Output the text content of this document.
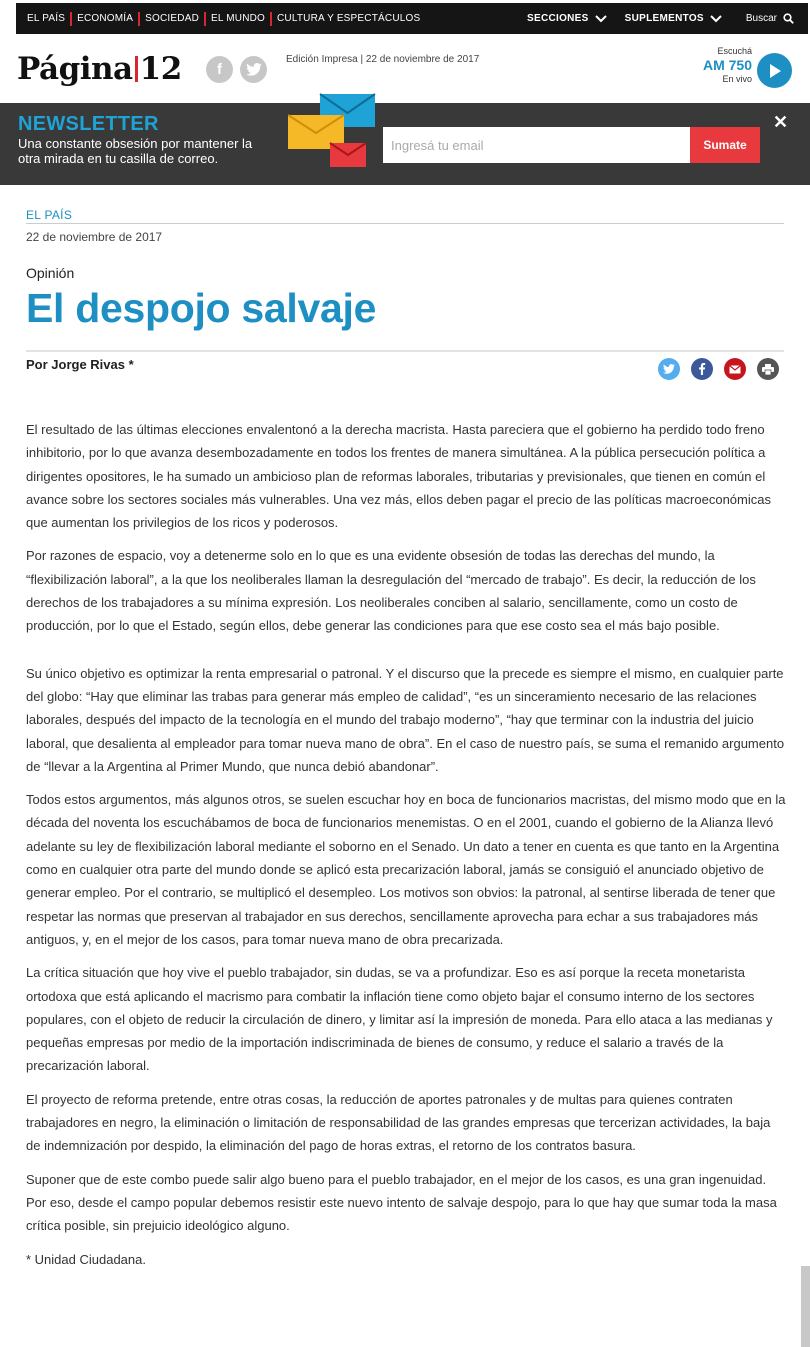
EL PAÍS	ECONOMÍA	SOCIEDAD	EL MUNDO	CULTURA Y ESPECTÁCULOS	SECCIONES	SUPLEMENTOS	Buscar
Página 12 f
Edición Impresa | 22 de noviembre de 2017
Escuchá
AM 750
En vivo
NEWSLETTER
Una constante obsesión por mantener la otra mirada en tu casilla de correo.
Ingresá tu email
Sumate
✕
EL PAÍS
22 de noviembre de 2017
Opinión
El despojo salvaje
Por Jorge Rivas *

El resultado de las últimas elecciones envalentonó a la derecha macrista. Hasta pareciera que el gobierno ha perdido todo freno inhibitorio, por lo que avanza desembozadamente en todos los frentes de manera simultánea. A la pública persecución política a dirigentes opositores, le ha sumado un ambicioso plan de reformas laborales, tributarias y previsionales, que tienen en común el avance sobre los sectores sociales más vulnerables. Una vez más, ellos deben pagar el precio de las políticas macroeconómicas que aumentan los privilegios de los ricos y poderosos.

Por razones de espacio, voy a detenerme solo en lo que es una evidente obsesión de todas las derechas del mundo, la “flexibilización laboral”, a la que los neoliberales llaman la desregulación del “mercado de trabajo”. Es decir, la reducción de los derechos de los trabajadores a su mínima expresión. Los neoliberales conciben al salario, sencillamente, como un costo de producción, por lo que el Estado, según ellos, debe generar las condiciones para que ese costo sea el más bajo posible.

Su único objetivo es optimizar la renta empresarial o patronal. Y el discurso que la precede es siempre el mismo, en cualquier parte del globo: “Hay que eliminar las trabas para generar más empleo de calidad”, “es un sinceramiento necesario de las relaciones laborales, después del impacto de la tecnología en el mundo del trabajo moderno”, “hay que terminar con la industria del juicio laboral, que desalienta al empleador para tomar nueva mano de obra”. En el caso de nuestro país, se suma el remanido argumento de “llevar a la Argentina al Primer Mundo, que nunca debió abandonar”.

Todos estos argumentos, más algunos otros, se suelen escuchar hoy en boca de funcionarios macristas, del mismo modo que en la década del noventa los escuchábamos de boca de funcionarios menemistas. O en el 2001, cuando el gobierno de la Alianza llevó adelante su ley de flexibilización laboral mediante el soborno en el Senado. Un dato a tener en cuenta es que tanto en la Argentina como en cualquier otra parte del mundo donde se aplicó esta precarización laboral, jamás se consiguió el anunciado objetivo de generar empleo. Por el contrario, se multiplicó el desempleo. Los motivos son obvios: la patronal, al sentirse liberada de tener que respetar las normas que preservan al trabajador en sus derechos, sencillamente aprovecha para echar a sus trabajadores más antiguos, y, en el mejor de los casos, para tomar nueva mano de obra precarizada.

La crítica situación que hoy vive el pueblo trabajador, sin dudas, se va a profundizar. Eso es así porque la receta monetarista ortodoxa que está aplicando el macrismo para combatir la inflación tiene como objeto bajar el consumo interno de los sectores populares, con el objeto de reducir la circulación de dinero, y limitar así la impresión de moneda. Para ello ataca a las medianas y pequeñas empresas por medio de la importación indiscriminada de bienes de consumo, y reduce el salario a través de la precarización laboral.

El proyecto de reforma pretende, entre otras cosas, la reducción de aportes patronales y de multas para quienes contraten trabajadores en negro, la eliminación o limitación de responsabilidad de las grandes empresas que tercerizan actividades, la baja de indemnización por despido, la eliminación del pago de horas extras, el retorno de los contratos basura.

Suponer que de este combo puede salir algo bueno para el pueblo trabajador, en el mejor de los casos, es una gran ingenuidad. Por eso, desde el campo popular debemos resistir este nuevo intento de salvaje despojo, para lo que hay que sumar toda la masa crítica posible, sin prejuicio ideológico alguno.

* Unidad Ciudadana.
